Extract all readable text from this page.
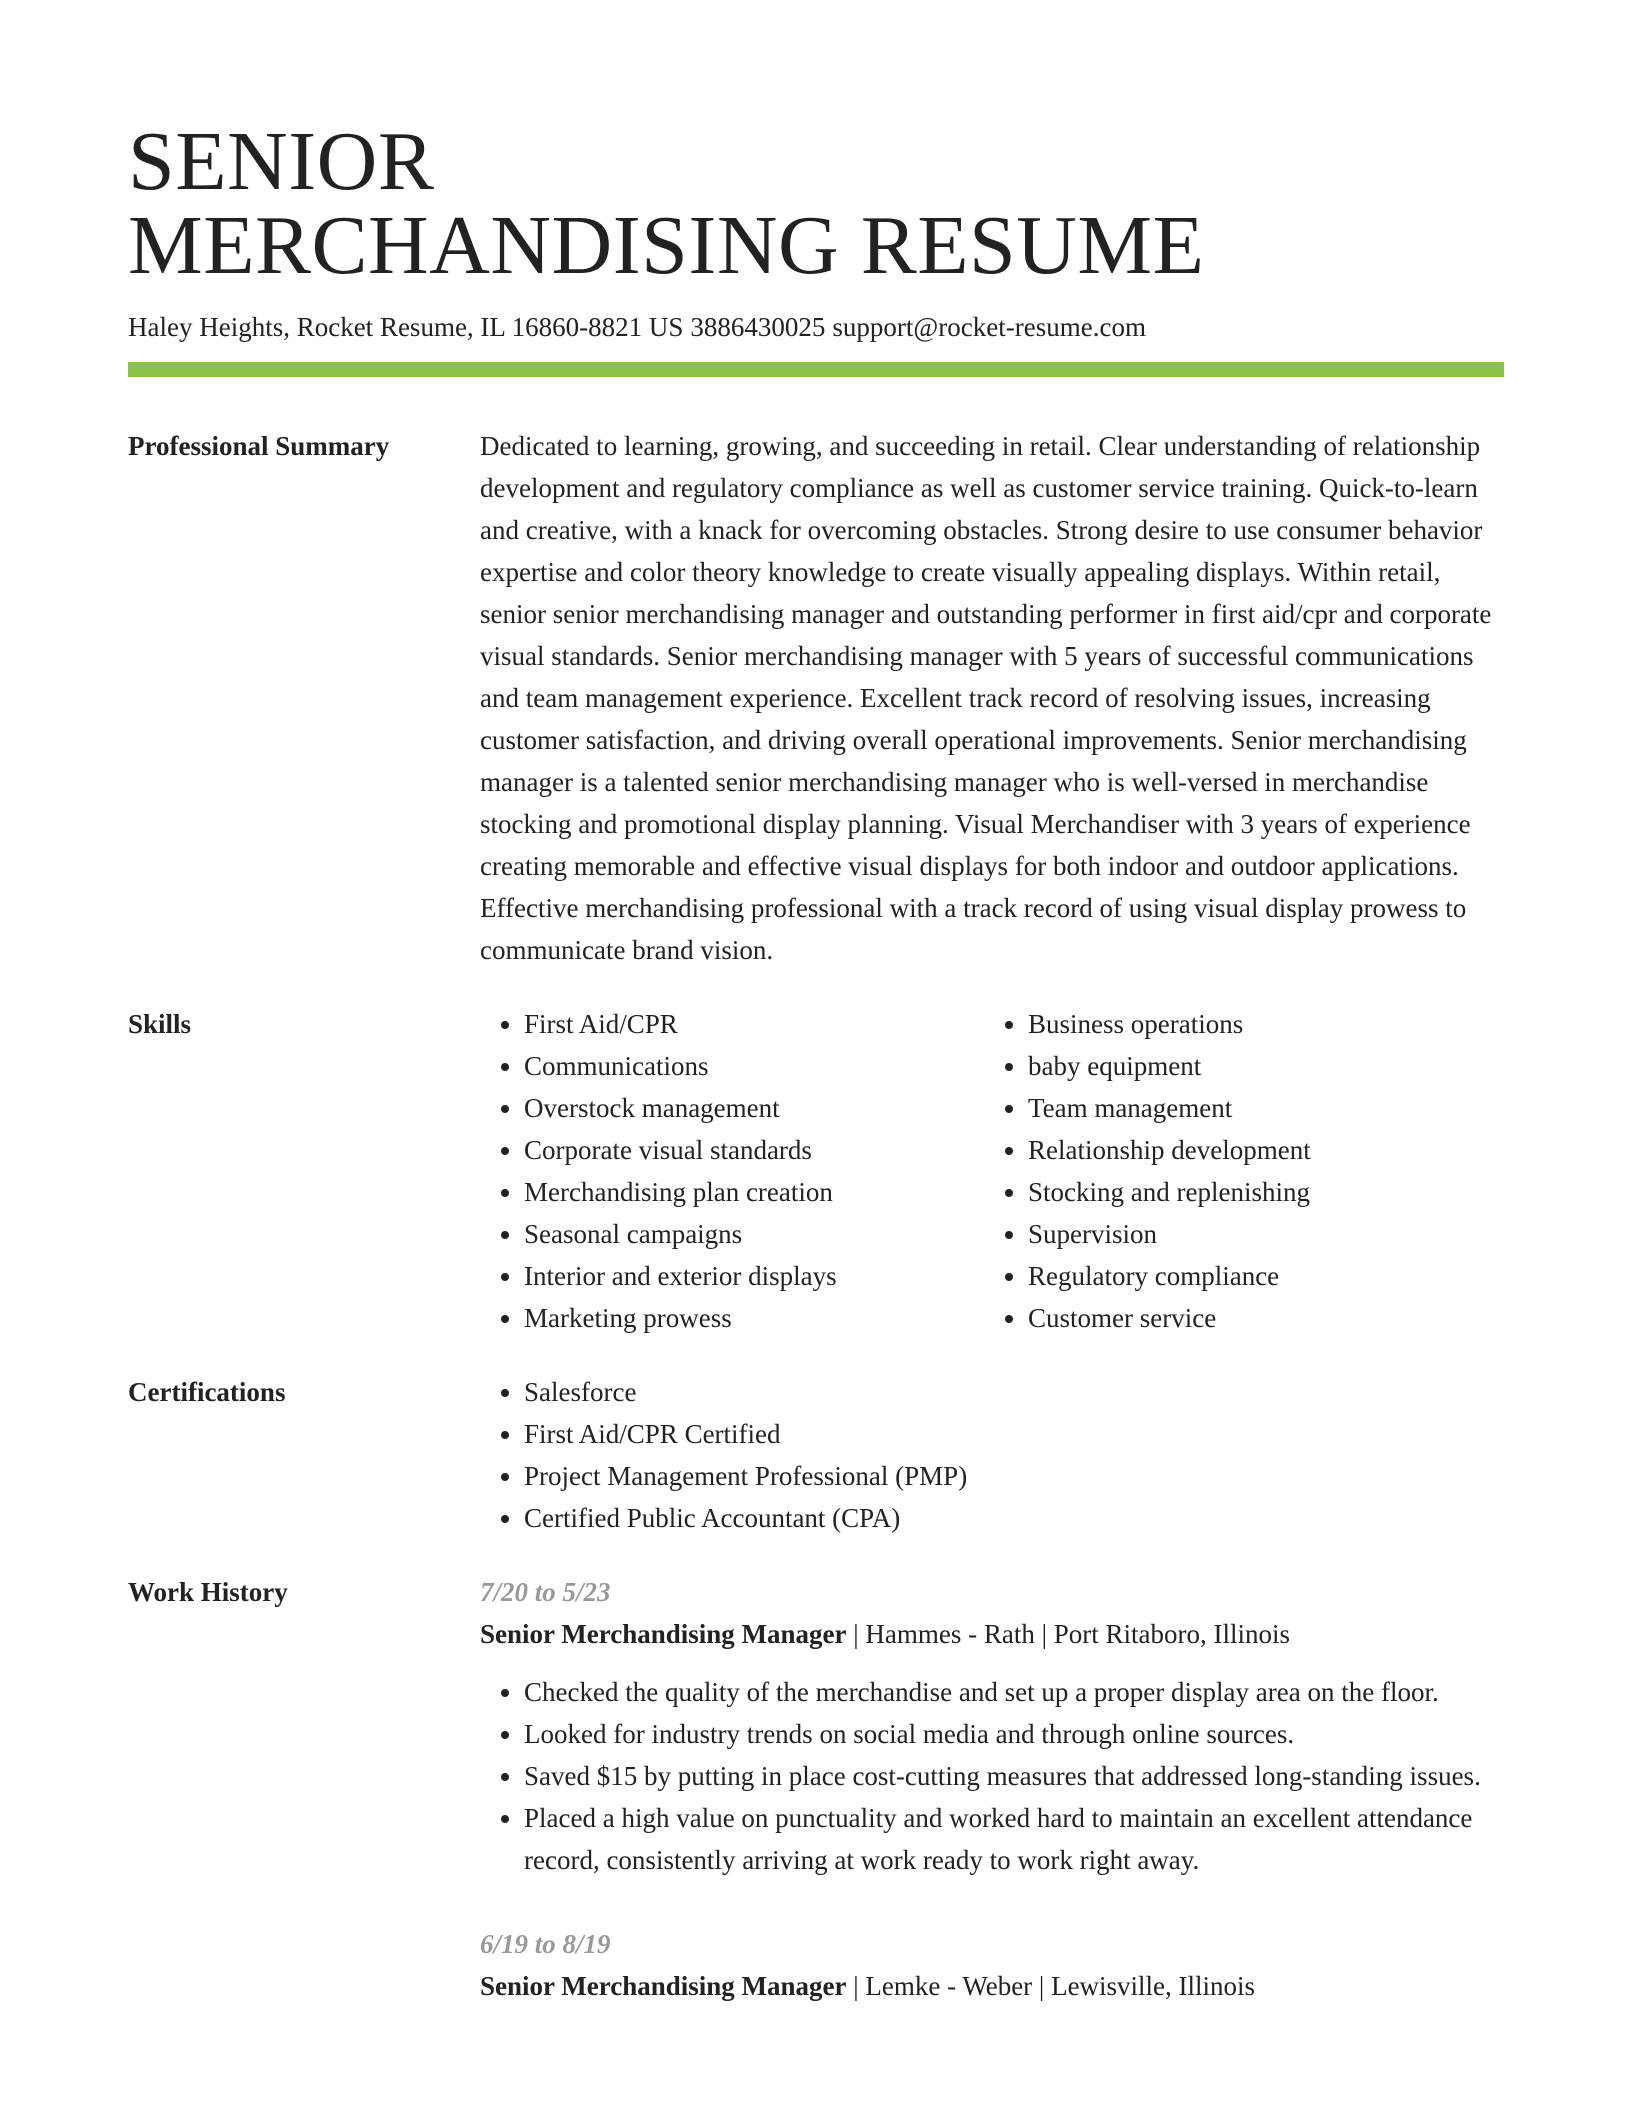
SENIOR
MERCHANDISING RESUME
Haley Heights, Rocket Resume, IL 16860-8821 US 3886430025 support@rocket-resume.com
Professional Summary	Dedicated to learning, growing, and succeeding in retail. Clear understanding of relationship development and regulatory compliance as well as customer service training. Quick-to-learn and creative, with a knack for overcoming obstacles. Strong desire to use consumer behavior expertise and color theory knowledge to create visually appealing displays. Within retail, senior senior merchandising manager and outstanding performer in first aid/cpr and corporate visual standards. Senior merchandising manager with 5 years of successful communications and team management experience. Excellent track record of resolving issues, increasing customer satisfaction, and driving overall operational improvements. Senior merchandising manager is a talented senior merchandising manager who is well-versed in merchandise stocking and promotional display planning. Visual Merchandiser with 3 years of experience creating memorable and effective visual displays for both indoor and outdoor applications. Effective merchandising professional with a track record of using visual display prowess to communicate brand vision.
Skills	• First Aid/CPR
• Communications
• Overstock management
• Corporate visual standards
• Merchandising plan creation
• Seasonal campaigns
• Interior and exterior displays
• Marketing prowess
• Business operations
• baby equipment
• Team management
• Relationship development
• Stocking and replenishing
• Supervision
• Regulatory compliance
• Customer service
Certifications	• Salesforce
• First Aid/CPR Certified
• Project Management Professional (PMP)
• Certified Public Accountant (CPA)
Work History	7/20 to 5/23
Senior Merchandising Manager | Hammes - Rath | Port Ritaboro, Illinois
• Checked the quality of the merchandise and set up a proper display area on the floor.
• Looked for industry trends on social media and through online sources.
• Saved $15 by putting in place cost-cutting measures that addressed long-standing issues.
• Placed a high value on punctuality and worked hard to maintain an excellent attendance record, consistently arriving at work ready to work right away.
6/19 to 8/19
Senior Merchandising Manager | Lemke - Weber | Lewisville, Illinois
